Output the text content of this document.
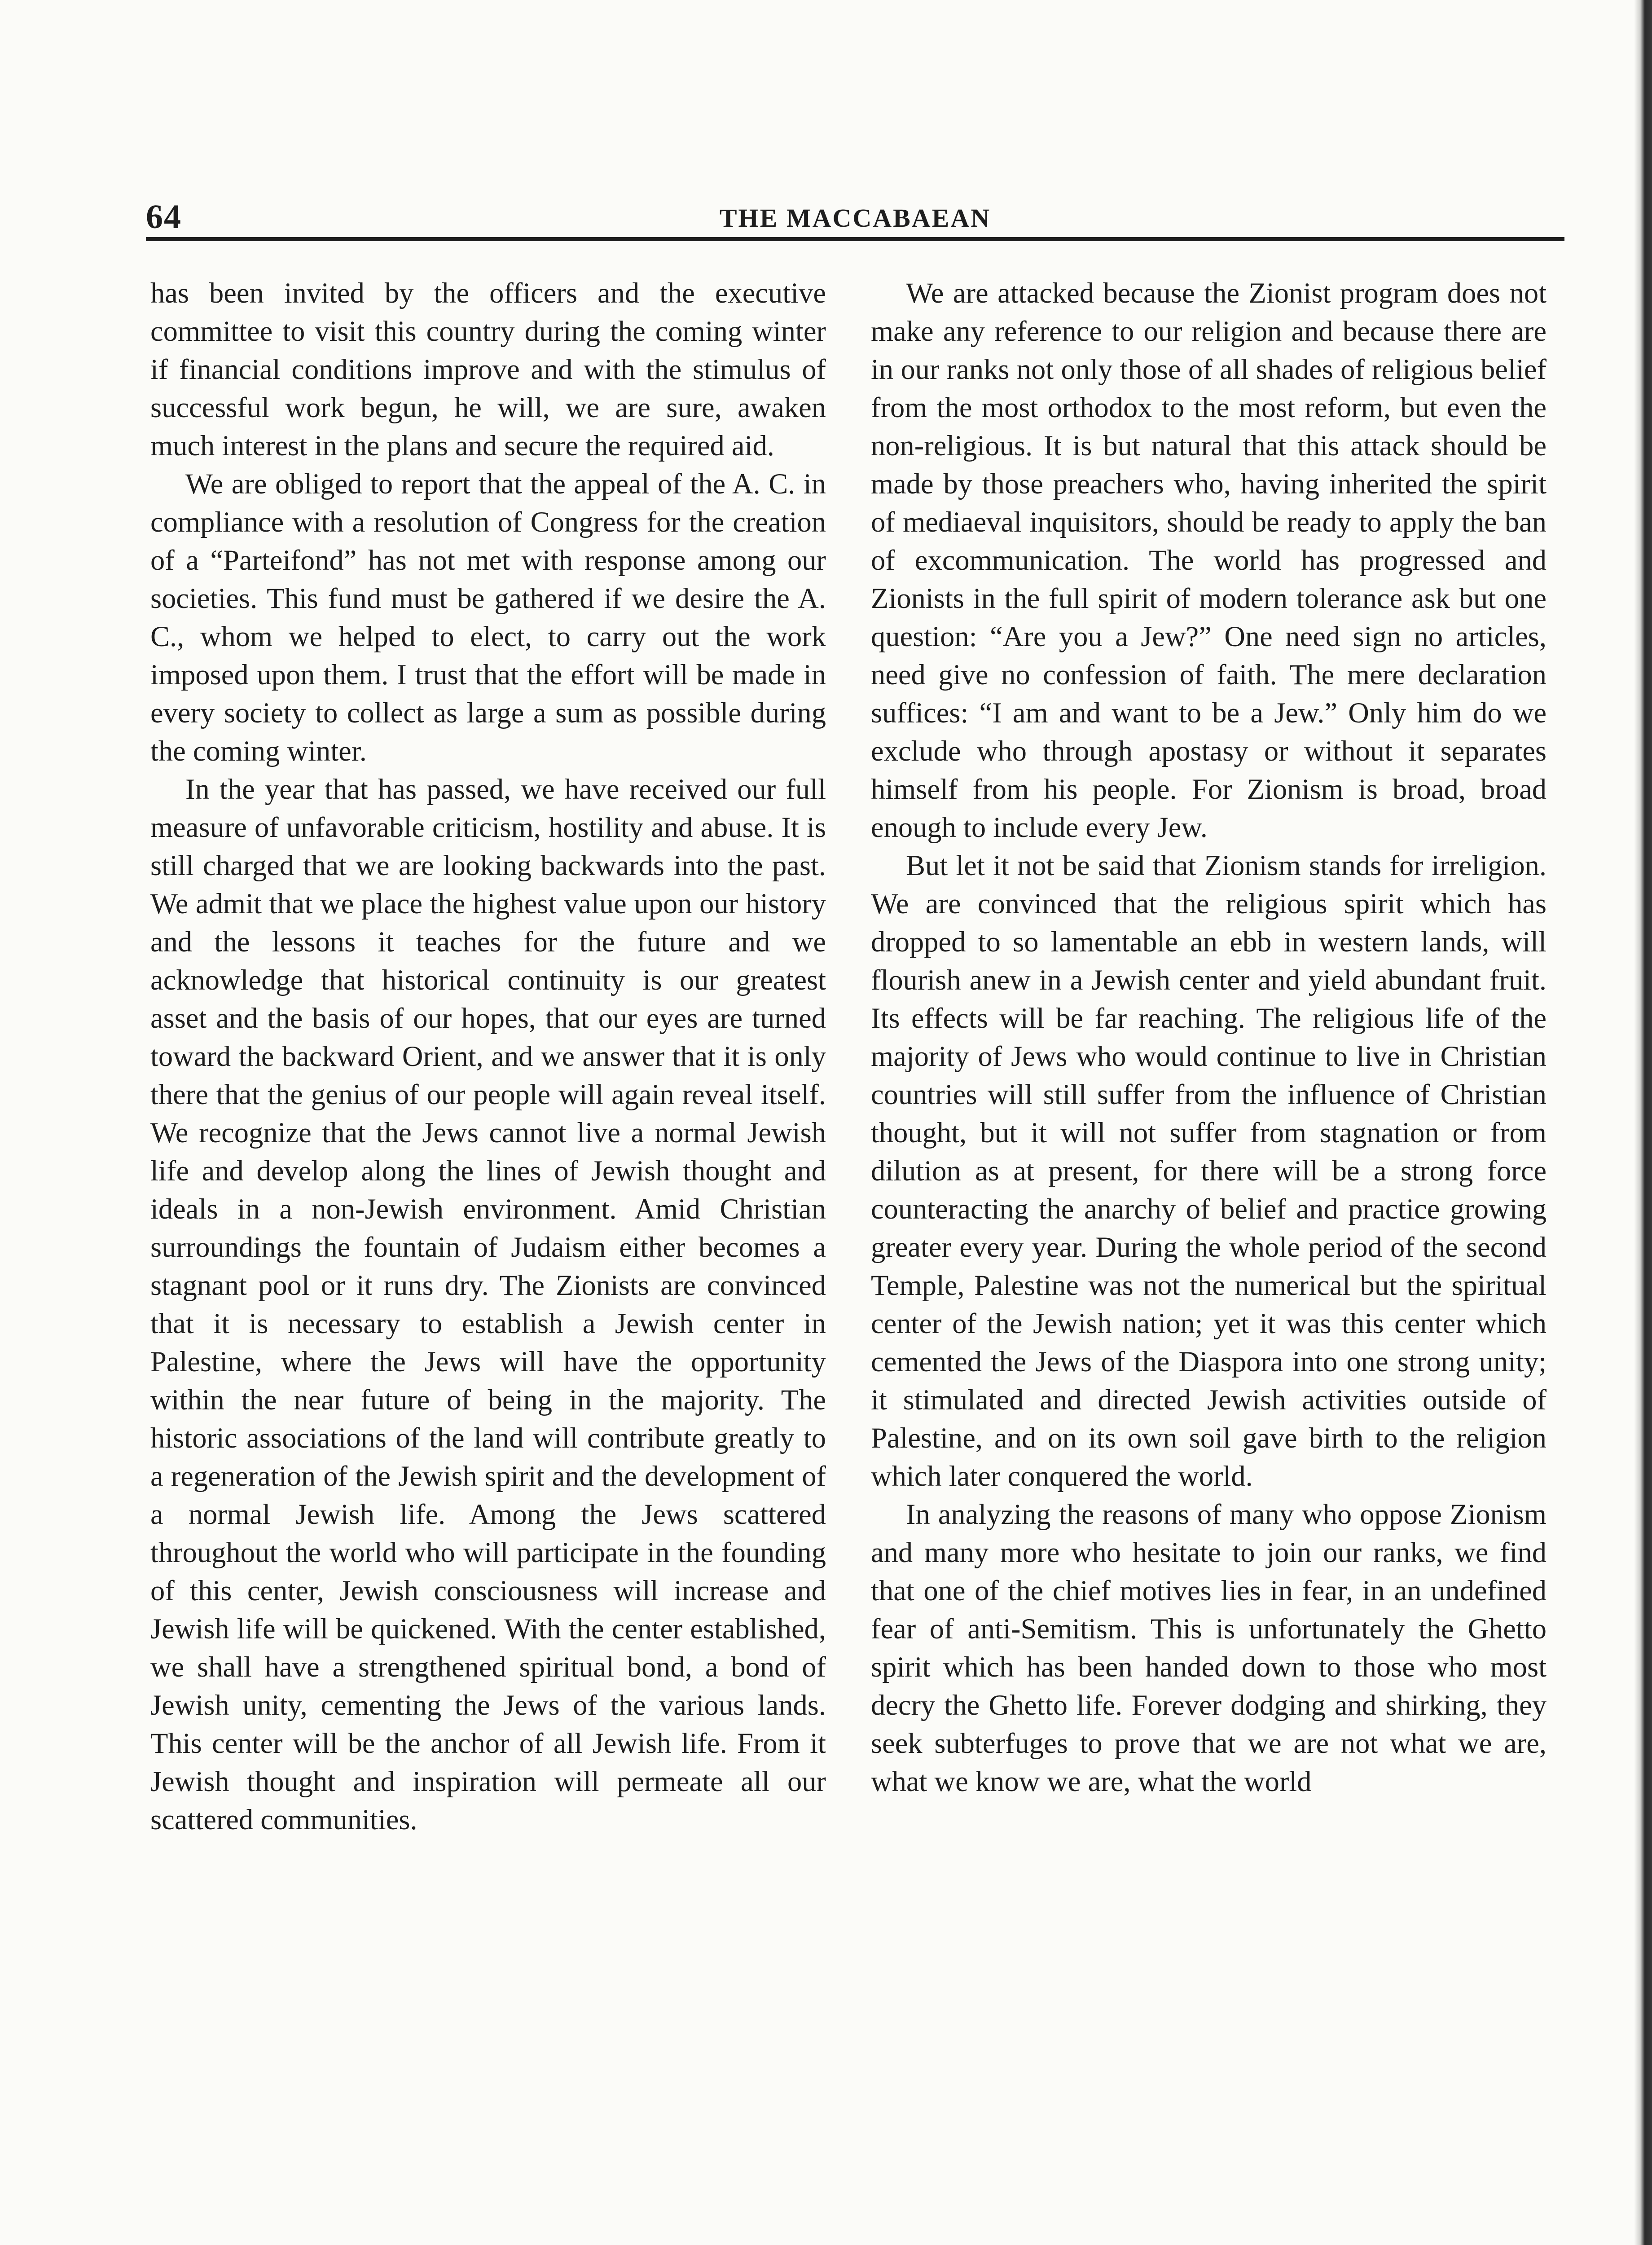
64	THE MACCABAEAN

has been invited by the officers and the executive committee to visit this country during the coming winter if financial conditions improve and with the stimulus of successful work begun, he will, we are sure, awaken much interest in the plans and secure the required aid.

We are obliged to report that the appeal of the A. C. in compliance with a resolution of Congress for the creation of a “Parteifond” has not met with response among our societies. This fund must be gathered if we desire the A. C., whom we helped to elect, to carry out the work imposed upon them. I trust that the effort will be made in every society to collect as large a sum as possible during the coming winter.

In the year that has passed, we have received our full measure of unfavorable criticism, hostility and abuse. It is still charged that we are looking backwards into the past. We admit that we place the highest value upon our history and the lessons it teaches for the future and we acknowledge that historical continuity is our greatest asset and the basis of our hopes, that our eyes are turned toward the backward Orient, and we answer that it is only there that the genius of our people will again reveal itself. We recognize that the Jews cannot live a normal Jewish life and develop along the lines of Jewish thought and ideals in a non-Jewish environment. Amid Christian surroundings the fountain of Judaism either becomes a stagnant pool or it runs dry. The Zionists are convinced that it is necessary to establish a Jewish center in Palestine, where the Jews will have the opportunity within the near future of being in the majority. The historic associations of the land will contribute greatly to a regeneration of the Jewish spirit and the development of a normal Jewish life. Among the Jews scattered throughout the world who will participate in the founding of this center, Jewish consciousness will increase and Jewish life will be quickened. With the center established, we shall have a strengthened spiritual bond, a bond of Jewish unity, cementing the Jews of the various lands. This center will be the anchor of all Jewish life. From it Jewish thought and inspiration will permeate all our scattered communities.

We are attacked because the Zionist program does not make any reference to our religion and because there are in our ranks not only those of all shades of religious belief from the most orthodox to the most reform, but even the non-religious. It is but natural that this attack should be made by those preachers who, having inherited the spirit of mediaeval inquisitors, should be ready to apply the ban of excommunication. The world has progressed and Zionists in the full spirit of modern tolerance ask but one question: “Are you a Jew?” One need sign no articles, need give no confession of faith. The mere declaration suffices: “I am and want to be a Jew.” Only him do we exclude who through apostasy or without it separates himself from his people. For Zionism is broad, broad enough to include every Jew.

But let it not be said that Zionism stands for irreligion. We are convinced that the religious spirit which has dropped to so lamentable an ebb in western lands, will flourish anew in a Jewish center and yield abundant fruit. Its effects will be far reaching. The religious life of the majority of Jews who would continue to live in Christian countries will still suffer from the influence of Christian thought, but it will not suffer from stagnation or from dilution as at present, for there will be a strong force counteracting the anarchy of belief and practice growing greater every year. During the whole period of the second Temple, Palestine was not the numerical but the spiritual center of the Jewish nation; yet it was this center which cemented the Jews of the Diaspora into one strong unity; it stimulated and directed Jewish activities outside of Palestine, and on its own soil gave birth to the religion which later conquered the world.

In analyzing the reasons of many who oppose Zionism and many more who hesitate to join our ranks, we find that one of the chief motives lies in fear, in an undefined fear of anti-Semitism. This is unfortunately the Ghetto spirit which has been handed down to those who most decry the Ghetto life. Forever dodging and shirking, they seek subterfuges to prove that we are not what we are, what we know we are, what the world
